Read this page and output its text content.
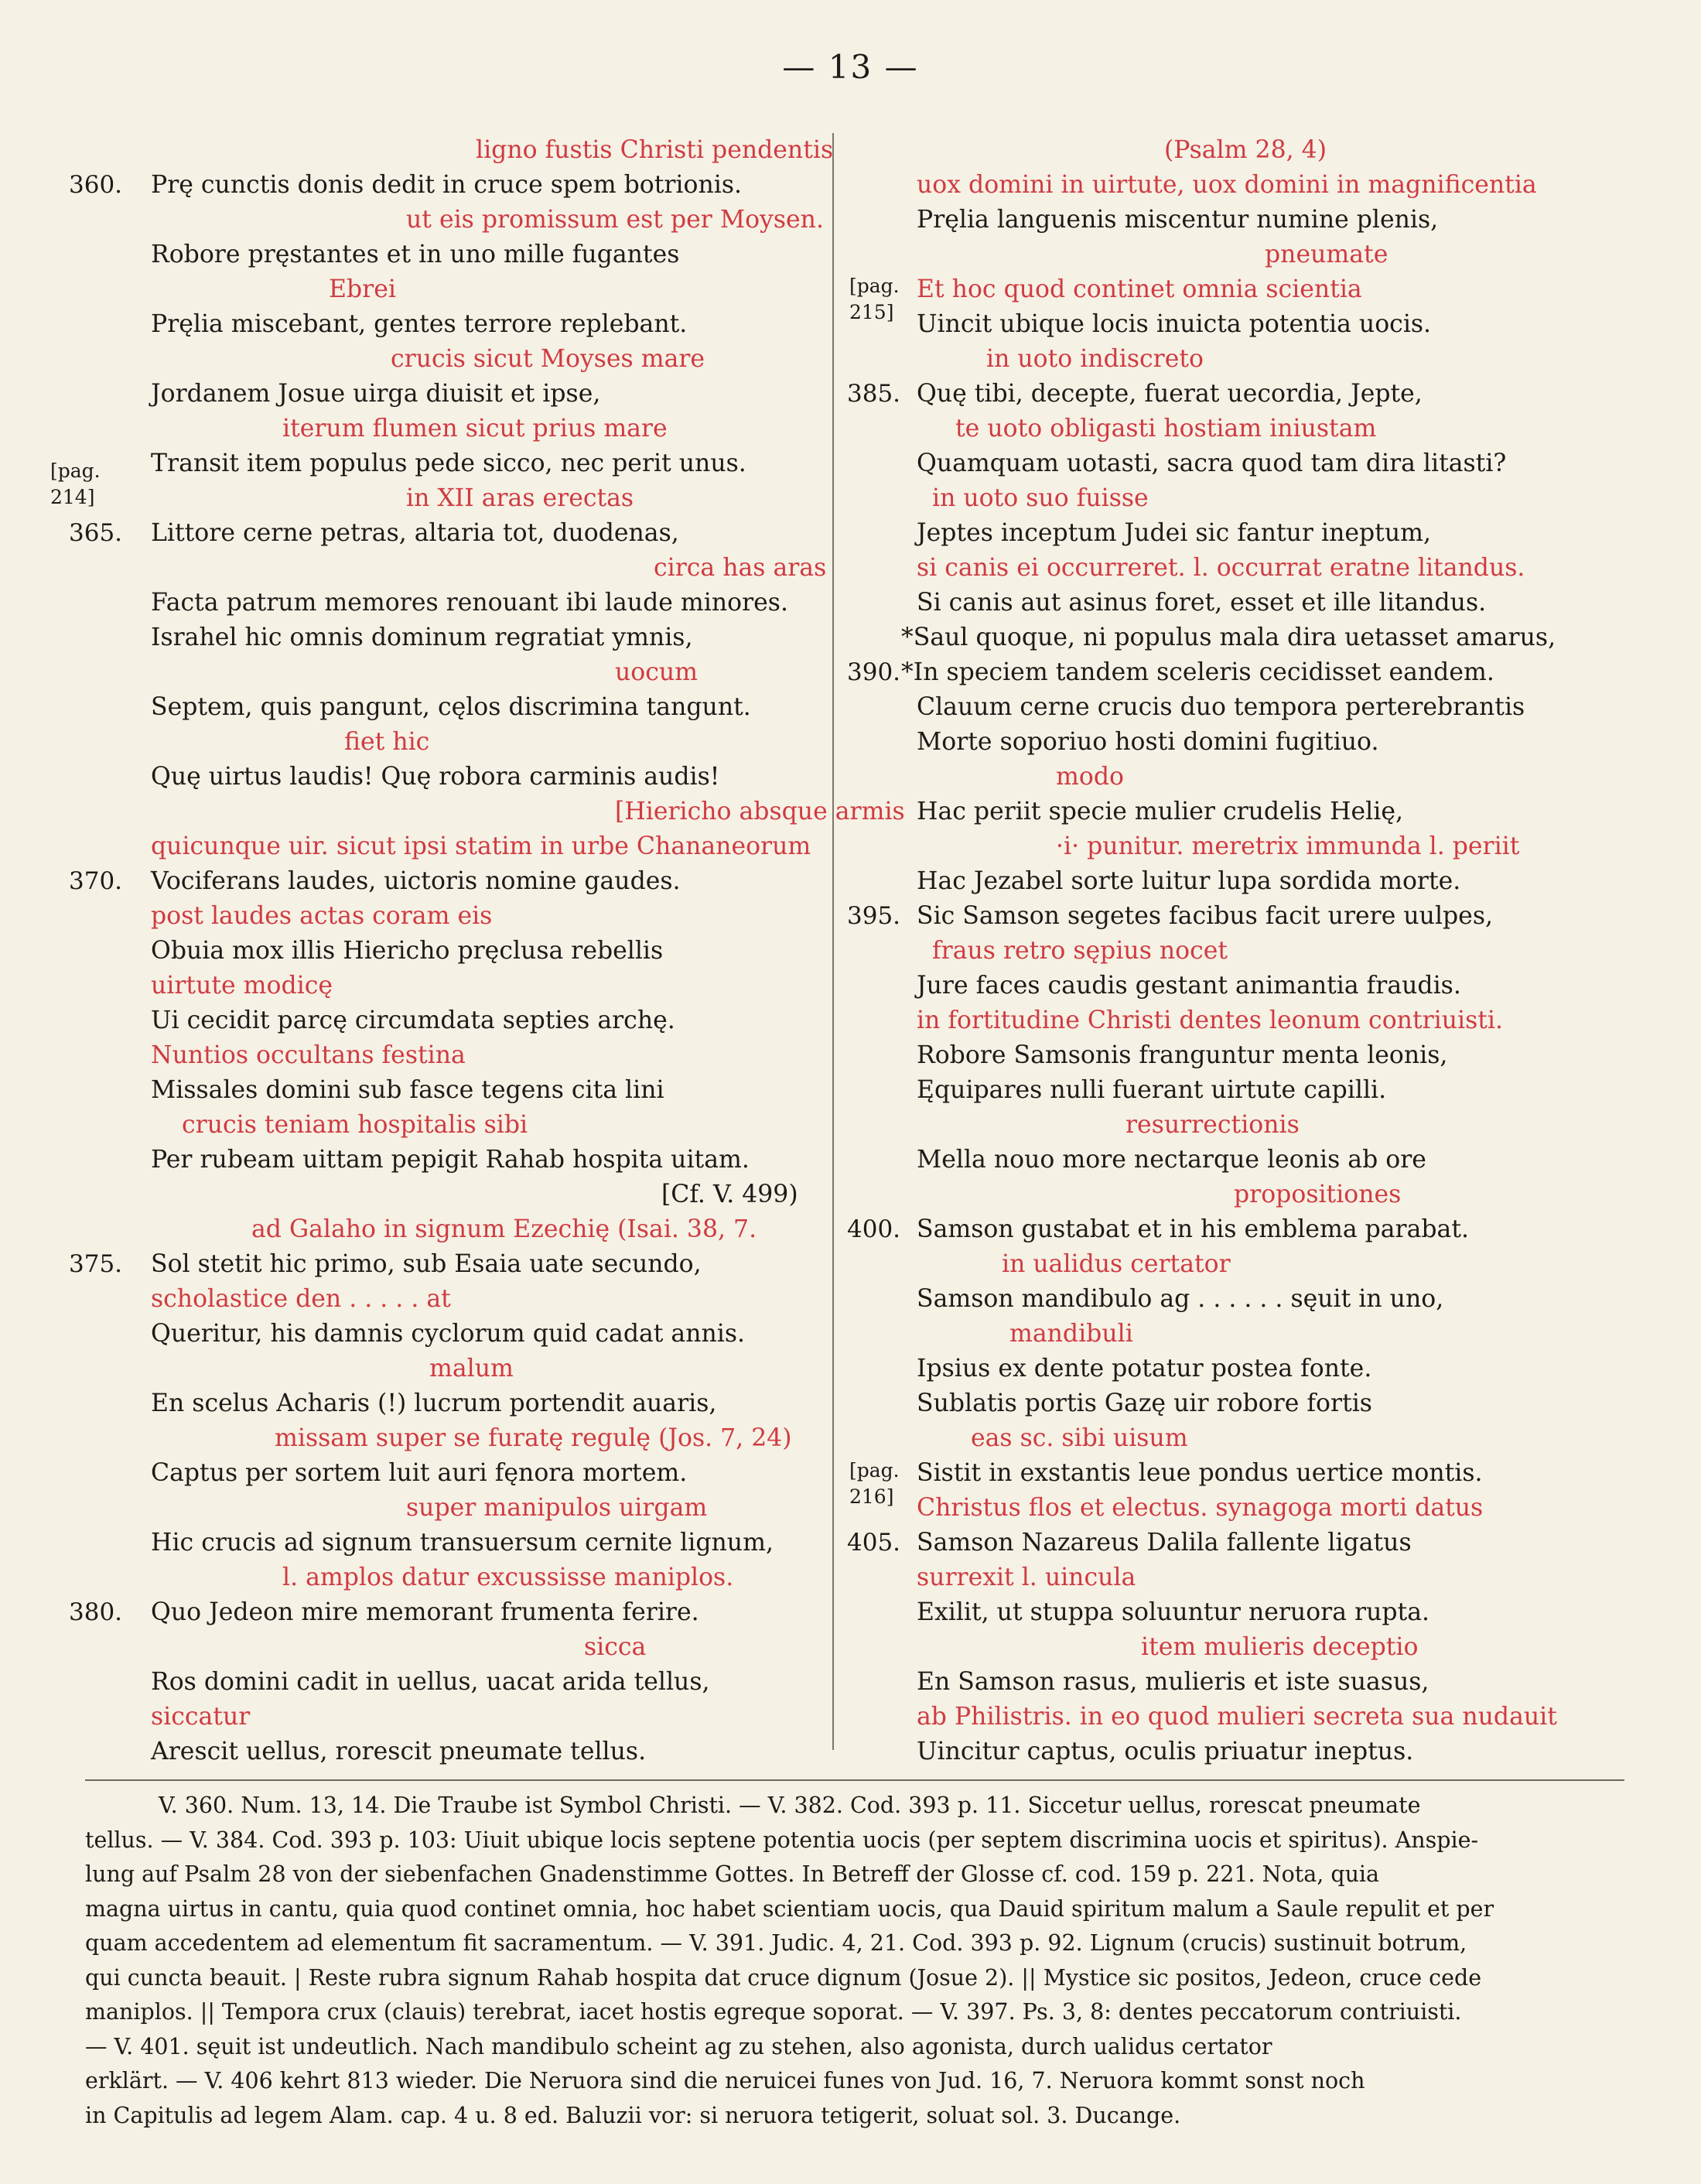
— 13 —
ligno fustis Christi pendentis
360.	Prę cunctis donis dedit in cruce spem botrionis.
ut eis promissum est per Moysen.
Robore pręstantes et in uno mille fugantes
Ebrei
Pręlia miscebant, gentes terrore replebant.
crucis sicut Moyses mare
Jordanem Josue uirga diuisit et ipse,
iterum flumen sicut prius mare
Transit item populus pede sicco, nec perit unus.
in XII aras erectas
365.	Littore cerne petras, altaria tot, duodenas,
circa has aras
Facta patrum memores renouant ibi laude minores.
Israhel hic omnis dominum regratiat ymnis,
uocum
Septem, quis pangunt, cęlos discrimina tangunt.
fiet hic
Quę uirtus laudis! Quę robora carminis audis!
[Hiericho absque armis
quicunque uir. sicut ipsi statim in urbe Chananeorum
370.	Vociferans laudes, uictoris nomine gaudes.
post laudes actas coram eis
Obuia mox illis Hiericho pręclusa rebellis
uirtute modicę
Ui cecidit parcę circumdata septies archę.
Nuntios occultans festina
Missales domini sub fasce tegens cita lini
crucis teniam hospitalis sibi
Per rubeam uittam pepigit Rahab hospita uitam.
[Cf. V. 499)
ad Galaho in signum Ezechię (Isai. 38, 7.
375.	Sol stetit hic primo, sub Esaia uate secundo,
scholastice den . . . . . at
Queritur, his damnis cyclorum quid cadat annis.
malum
En scelus Acharis (!) lucrum portendit auaris,
missam super se furatę regulę (Jos. 7, 24)
Captus per sortem luit auri fęnora mortem.
super manipulos uirgam
Hic crucis ad signum transuersum cernite lignum,
l. amplos datur excussisse maniplos.
380.	Quo Jedeon mire memorant frumenta ferire.
sicca
Ros domini cadit in uellus, uacat arida tellus,
siccatur
Arescit uellus, rorescit pneumate tellus.
(Psalm 28, 4)
uox domini in uirtute, uox domini in magnificentia
Pręlia languenis miscentur numine plenis,
pneumate
Et hoc quod continet omnia scientia
Uincit ubique locis inuicta potentia uocis.
in uoto indiscreto
385. Quę tibi, decepte, fuerat uecordia, Jepte,
te uoto obligasti hostiam iniustam
Quamquam uotasti, sacra quod tam dira litasti?
in uoto suo fuisse
Jeptes inceptum Judei sic fantur ineptum,
si canis ei occurreret. l. occurrat eratne litandus.
Si canis aut asinus foret, esset et ille litandus.
*Saul quoque, ni populus mala dira uetasset amarus,
390. *In speciem tandem sceleris cecidisset eandem.
Clauum cerne crucis duo tempora perterebrantis
Morte soporiuo hosti domini fugitiuo.
modo
Hac periit specie mulier crudelis Helię,
·i· punitur. meretrix immunda l. periit
Hac Jezabel sorte luitur lupa sordida morte.
395. Sic Samson segetes facibus facit urere uulpes,
fraus retro sępius nocet
Jure faces caudis gestant animantia fraudis.
in fortitudine Christi dentes leonum contriuisti.
Robore Samsonis franguntur menta leonis,
Ęquipares nulli fuerant uirtute capilli.
resurrectionis
Mella nouo more nectarque leonis ab ore
propositiones
400. Samson gustabat et in his emblema parabat.
in ualidus certator
Samson mandibulo ag . . . . . . sęuit in uno,
mandibuli
Ipsius ex dente potatur postea fonte.
Sublatis portis Gazę uir robore fortis
eas sc. sibi uisum
Sistit in exstantis leue pondus uertice montis.
Christus flos et electus. synagoga morti datus
405. Samson Nazareus Dalila fallente ligatus
surrexit l. uincula
Exilit, ut stuppa soluuntur neruora rupta.
item mulieris deceptio
En Samson rasus, mulieris et iste suasus,
ab Philistris. in eo quod mulieri secreta sua nudauit
Uincitur captus, oculis priuatur ineptus.
[pag.
214]
[pag.
215]
[pag.
216]
V. 360. Num. 13, 14. Die Traube ist Symbol Christi. — V. 382. Cod. 393 p. 11. Siccetur uellus, rorescat pneumate
tellus. — V. 384. Cod. 393 p. 103: Uiuit ubique locis septene potentia uocis (per septem discrimina uocis et spiritus). Anspie-
lung auf Psalm 28 von der siebenfachen Gnadenstimme Gottes. In Betreff der Glosse cf. cod. 159 p. 221. Nota, quia
magna uirtus in cantu, quia quod continet omnia, hoc habet scientiam uocis, qua Dauid spiritum malum a Saule repulit et per
quam accedentem ad elementum fit sacramentum. — V. 391. Judic. 4, 21. Cod. 393 p. 92. Lignum (crucis) sustinuit botrum,
qui cuncta beauit. | Reste rubra signum Rahab hospita dat cruce dignum (Josue 2). || Mystice sic positos, Jedeon, cruce cede
maniplos. || Tempora crux (clauis) terebrat, iacet hostis egreque soporat. — V. 397. Ps. 3, 8: dentes peccatorum contriuisti.
— V. 401. sęuit ist undeutlich. Nach mandibulo scheint ag zu stehen, also agonista, durch ualidus certator
erklärt. — V. 406 kehrt 813 wieder. Die Neruora sind die neruicei funes von Jud. 16, 7. Neruora kommt sonst noch
in Capitulis ad legem Alam. cap. 4 u. 8 ed. Baluzii vor: si neruora tetigerit, soluat sol. 3. Ducange.
